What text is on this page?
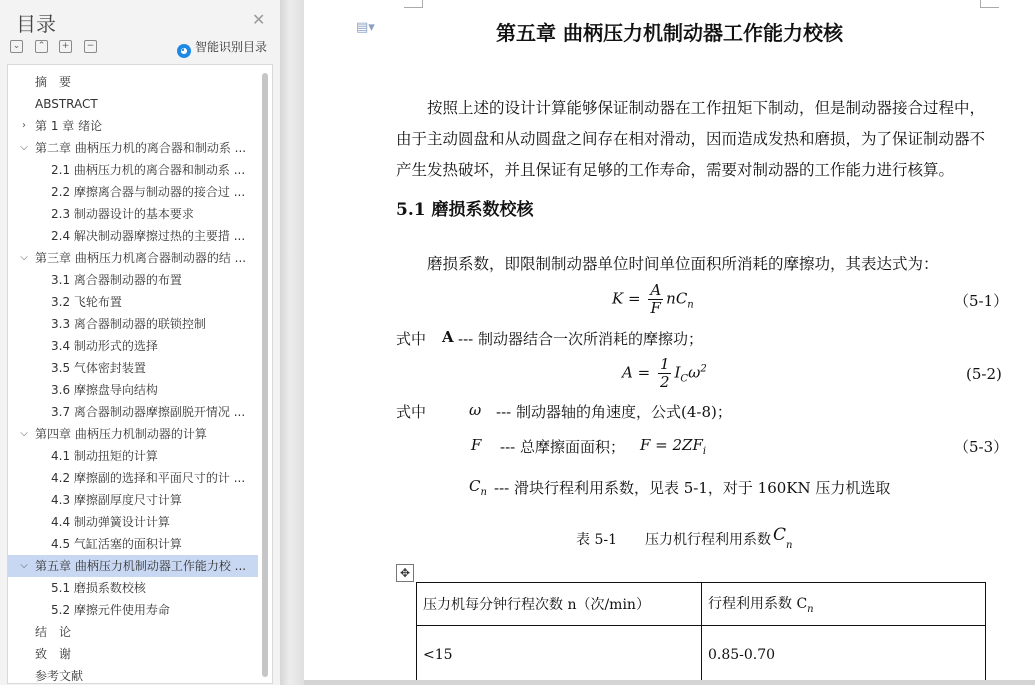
目录	✕
⌄	⌃	+	−	◕ 智能识别目录
摘　要
ABSTRACT
› 第 1 章 绪论
⌵ 第二章 曲柄压力机的离合器和制动系 ...
2.1 曲柄压力机的离合器和制动系 ...
2.2 摩擦离合器与制动器的接合过 ...
2.3 制动器设计的基本要求
2.4 解决制动器摩擦过热的主要措 ...
⌵ 第三章 曲柄压力机离合器制动器的结 ...
3.1 离合器制动器的布置
3.2 飞轮布置
3.3 离合器制动器的联锁控制
3.4 制动形式的选择
3.5 气体密封装置
3.6 摩擦盘导向结构
3.7 离合器制动器摩擦副脱开情况 ...
⌵ 第四章 曲柄压力机制动器的计算
4.1 制动扭矩的计算
4.2 摩擦副的选择和平面尺寸的计 ...
4.3 摩擦副厚度尺寸计算
4.4 制动弹簧设计计算
4.5 气缸活塞的面积计算
⌵ 第五章 曲柄压力机制动器工作能力校 ...
5.1 磨损系数校核
5.2 摩擦元件使用寿命
结　论
致　谢
参考文献
▤▾	第五章 曲柄压力机制动器工作能力校核
　　按照上述的设计计算能够保证制动器在工作扭矩下制动，但是制动器接合过程中，
由于主动圆盘和从动圆盘之间存在相对滑动，因而造成发热和磨损，为了保证制动器不
产生发热破坏，并且保证有足够的工作寿命，需要对制动器的工作能力进行核算。
5.1 磨损系数校核
　　磨损系数，即限制制动器单位时间单位面积所消耗的摩擦功，其表达式为：
$K = \frac{A}{F} nC_n$	（5-1）
式中 A --- 制动器结合一次所消耗的摩擦功；
$A = \frac{1}{2} I_C\omega^2$	(5-2)
式中	ω --- 制动器轴的角速度，公式(4-8)；
F --- 总摩擦面面积； $F = 2ZF_i$	（5-3）
$C_n$ --- 滑块行程利用系数，见表 5-1，对于 160KN 压力机选取
表 5-1　　压力机行程利用系数 $C_n$
✥
压力机每分钟行程次数 n（次/min）	行程利用系数 $C_n$
<15	0.85-0.70
